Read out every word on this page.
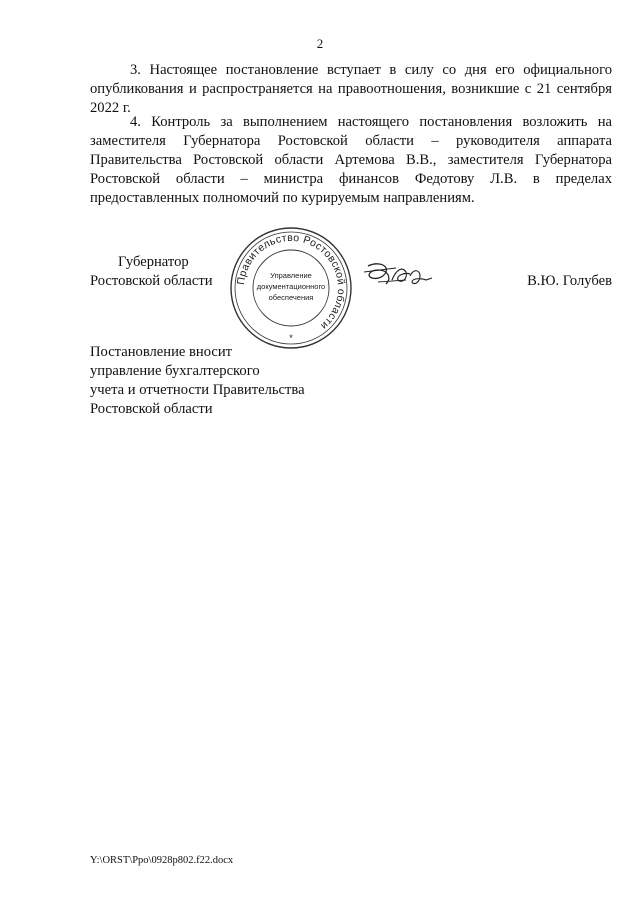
2

3. Настоящее постановление вступает в силу со дня его официального опубликования и распространяется на правоотношения, возникшие с 21 сентября 2022 г.

4. Контроль за выполнением настоящего постановления возложить на заместителя Губернатора Ростовской области – руководителя аппарата Правительства Ростовской области Артемова В.В., заместителя Губернатора Ростовской области – министра финансов Федотову Л.В. в пределах предоставленных полномочий по курируемым направлениям.

Губернатор

Ростовской области Правительство Ростовской области
Управление
документационного
обеспечения
*
В.Ю. Голубев
Постановление вносит
управление бухгалтерского
учета и отчетности Правительства
Ростовской области
Y:\ORST\Ppo\0928p802.f22.docx
